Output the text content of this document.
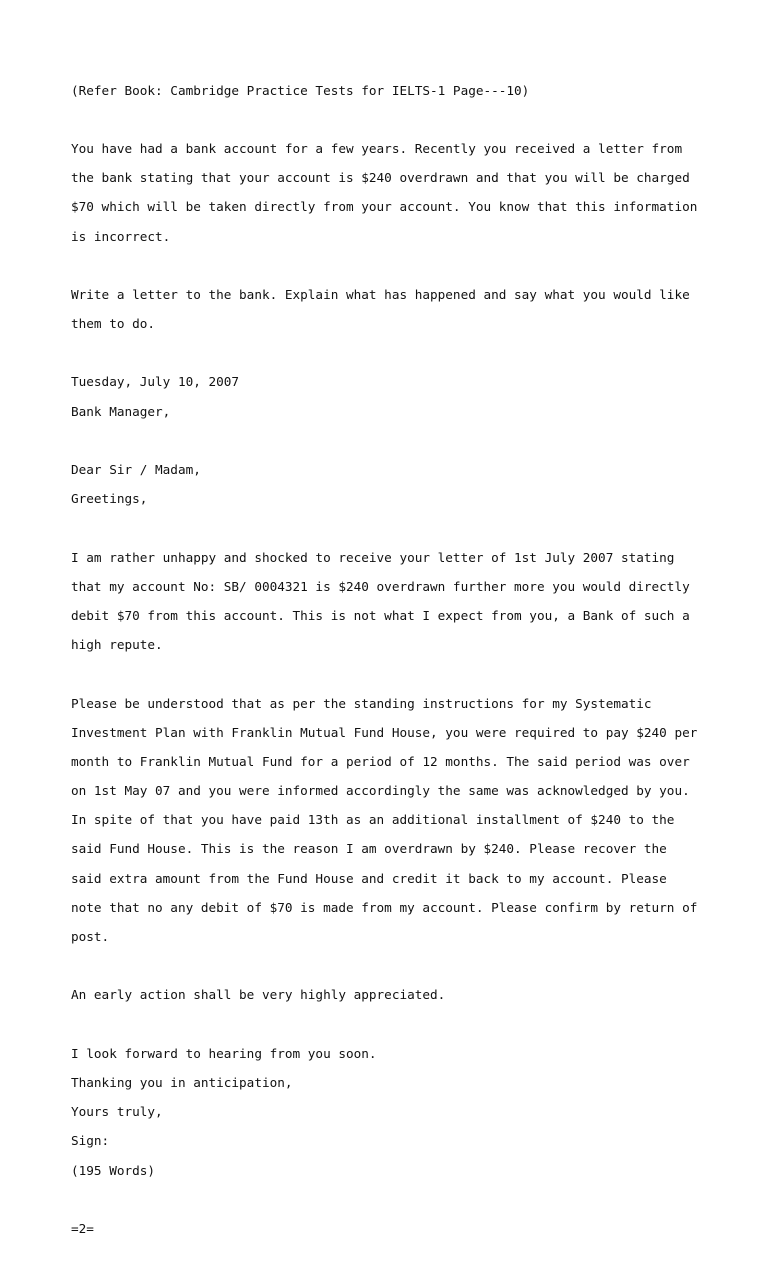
(Refer Book: Cambridge Practice Tests for IELTS-1 Page---10)

You have had a bank account for a few years. Recently you received a letter from

the bank stating that your account is $240 overdrawn and that you will be charged

$70 which will be taken directly from your account. You know that this information

is incorrect.

Write a letter to the bank. Explain what has happened and say what you would like

them to do.

Tuesday, July 10, 2007

Bank Manager,

Dear Sir / Madam,

Greetings,

I am rather unhappy and shocked to receive your letter of 1st July 2007 stating

that my account No: SB/ 0004321 is $240 overdrawn further more you would directly

debit $70 from this account. This is not what I expect from you, a Bank of such a

high repute.

Please be understood that as per the standing instructions for my Systematic

Investment Plan with Franklin Mutual Fund House, you were required to pay $240 per

month to Franklin Mutual Fund for a period of 12 months. The said period was over

on 1st May 07 and you were informed accordingly the same was acknowledged by you.

In spite of that you have paid 13th as an additional installment of $240 to the

said Fund House. This is the reason I am overdrawn by $240. Please recover the

said extra amount from the Fund House and credit it back to my account. Please

note that no any debit of $70 is made from my account. Please confirm by return of

post.

An early action shall be very highly appreciated.

I look forward to hearing from you soon.

Thanking you in anticipation,

Yours truly,

Sign:

(195 Words)

=2=
